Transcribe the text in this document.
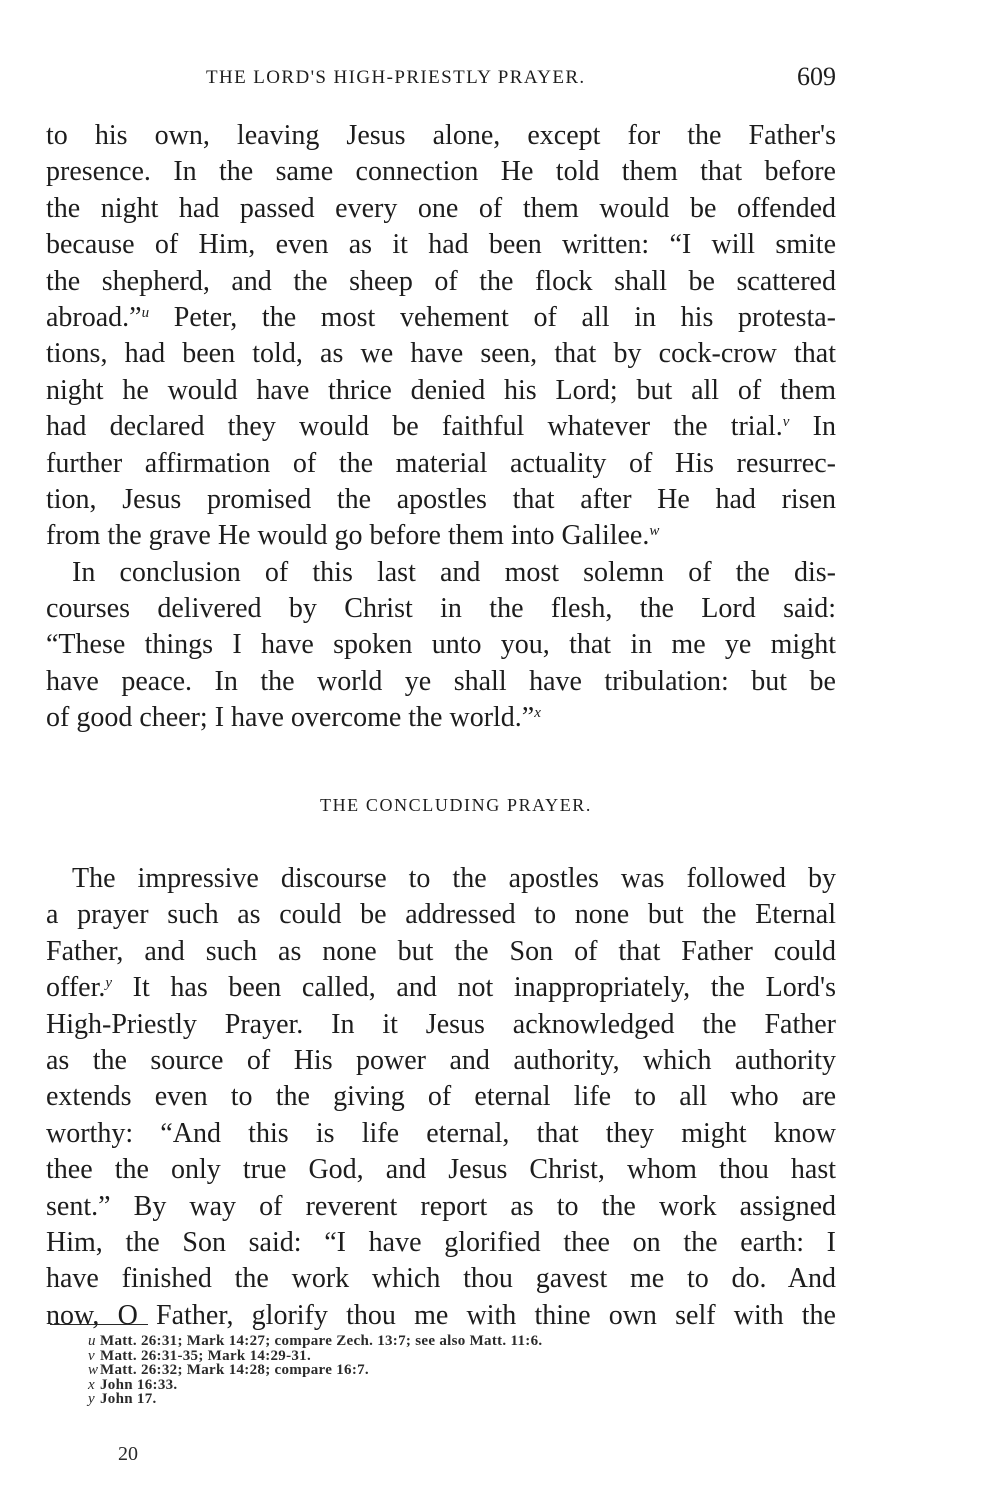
THE LORD'S HIGH-PRIESTLY PRAYER.	609
to his own, leaving Jesus alone, except for the Father's
presence. In the same connection He told them that before
the night had passed every one of them would be offended
because of Him, even as it had been written: “I will smite
the shepherd, and the sheep of the flock shall be scattered
abroad.”$^u$ Peter, the most vehement of all in his protesta-
tions, had been told, as we have seen, that by cock-crow that
night he would have thrice denied his Lord; but all of them
had declared they would be faithful whatever the trial.$^v$ In
further affirmation of the material actuality of His resurrec-
tion, Jesus promised the apostles that after He had risen
from the grave He would go before them into Galilee.$^w$
In conclusion of this last and most solemn of the dis-
courses delivered by Christ in the flesh, the Lord said:
“These things I have spoken unto you, that in me ye might
have peace. In the world ye shall have tribulation: but be
of good cheer; I have overcome the world.”$^x$
THE CONCLUDING PRAYER.
The impressive discourse to the apostles was followed by
a prayer such as could be addressed to none but the Eternal
Father, and such as none but the Son of that Father could
offer.$^y$ It has been called, and not inappropriately, the Lord's
High-Priestly Prayer. In it Jesus acknowledged the Father
as the source of His power and authority, which authority
extends even to the giving of eternal life to all who are
worthy: “And this is life eternal, that they might know
thee the only true God, and Jesus Christ, whom thou hast
sent.” By way of reverent report as to the work assigned
Him, the Son said: “I have glorified thee on the earth: I
have finished the work which thou gavest me to do. And
now, O Father, glorify thou me with thine own self with the
u Matt. 26:31; Mark 14:27; compare Zech. 13:7; see also Matt. 11:6.
v Matt. 26:31-35; Mark 14:29-31.
w Matt. 26:32; Mark 14:28; compare 16:7.
x John 16:33.
y John 17.
20
